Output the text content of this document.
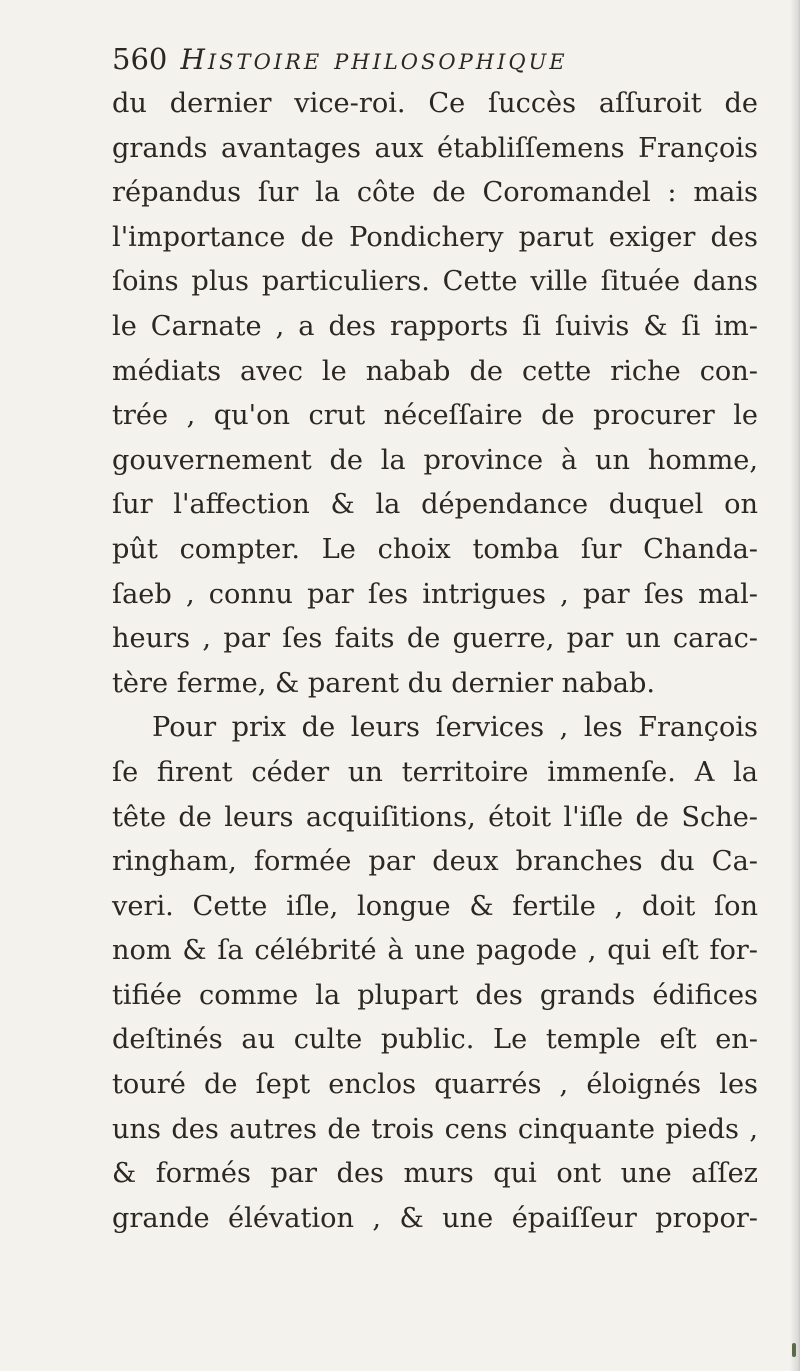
560 HISTOIRE PHILOSOPHIQUE
du dernier vice-roi. Ce ſuccès aſſuroit de
grands avantages aux établiſſemens François
répandus ſur la côte de Coromandel : mais
l'importance de Pondichery parut exiger des
ſoins plus particuliers. Cette ville ſituée dans
le Carnate , a des rapports ſi ſuivis & ſi im-
médiats avec le nabab de cette riche con-
trée , qu'on crut néceſſaire de procurer le
gouvernement de la province à un homme,
ſur l'affection & la dépendance duquel on
pût compter. Le choix tomba ſur Chanda-
ſaeb , connu par ſes intrigues , par ſes mal-
heurs , par ſes faits de guerre, par un carac-
tère ferme, & parent du dernier nabab.
Pour prix de leurs ſervices , les François
ſe firent céder un territoire immenſe. A la
tête de leurs acquiſitions, étoit l'iſle de Sche-
ringham, formée par deux branches du Ca-
veri. Cette iſle, longue & fertile , doit ſon
nom & ſa célébrité à une pagode , qui eſt for-
tifiée comme la plupart des grands édifices
deſtinés au culte public. Le temple eſt en-
touré de ſept enclos quarrés , éloignés les
uns des autres de trois cens cinquante pieds ,
& formés par des murs qui ont une aſſez
grande élévation , & une épaiſſeur propor-
